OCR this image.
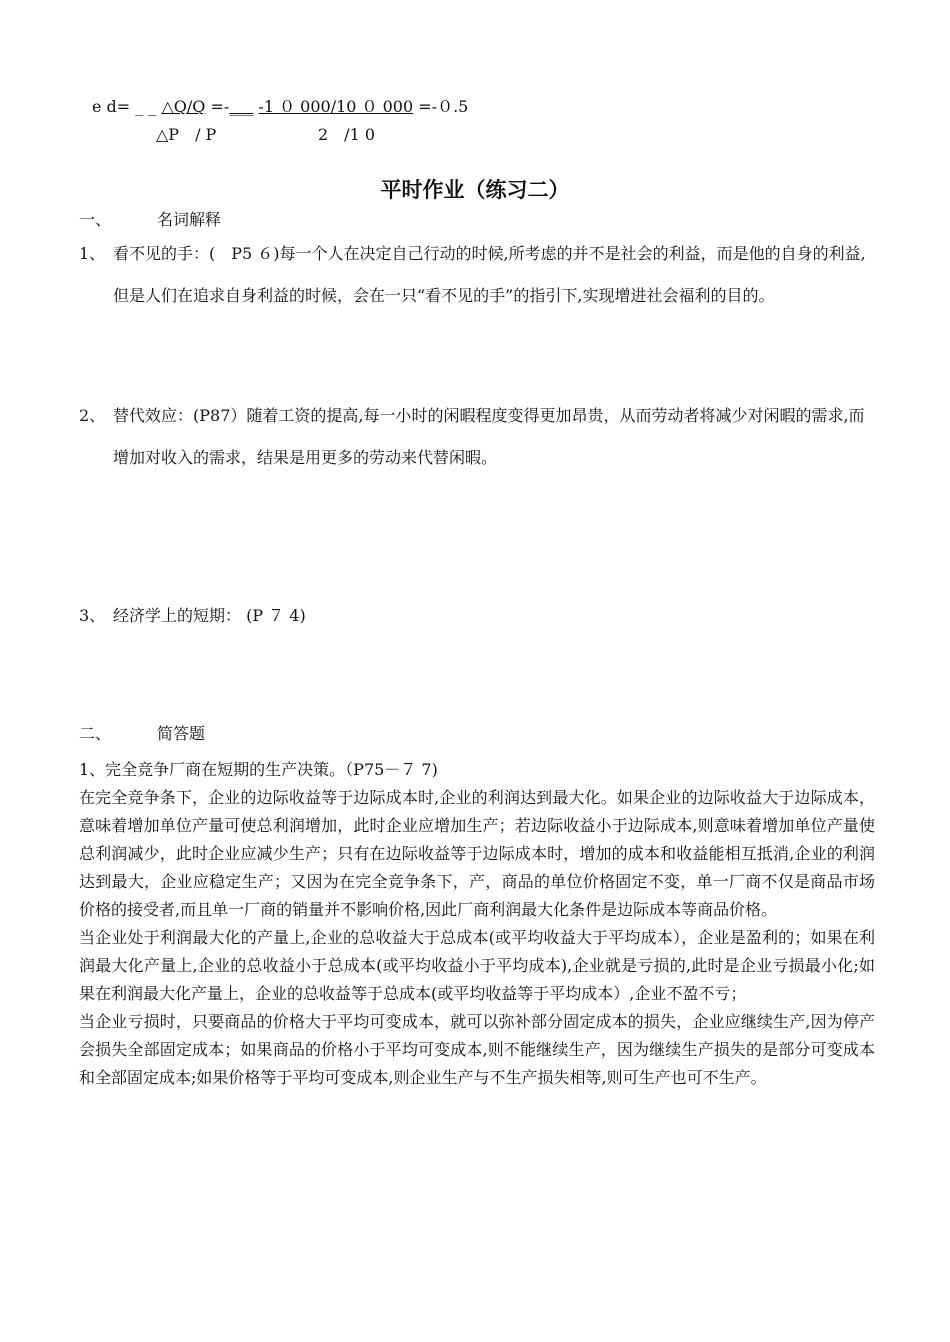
e d= _ _ △Q/Q =-___ -1 ０ 000/10 ０ 000 =-０.5
△P　/ P	2　/1 0
平时作业（练习二）
一、	名词解释
1、 看不见的手：(　P5 ６)每一个人在决定自己行动的时候,所考虑的并不是社会的利益，而是他的自身的利益,但是人们在追求自身利益的时候，会在一只“看不见的手”的指引下,实现增进社会福利的目的。
2、 替代效应：(P87）随着工资的提高,每一小时的闲暇程度变得更加昂贵，从而劳动者将减少对闲暇的需求,而增加对收入的需求，结果是用更多的劳动来代替闲暇。
3、 经济学上的短期： (P ７ 4)
二、	简答题

1、完全竞争厂商在短期的生产决策。（P75－７ 7)

在完全竞争条下，企业的边际收益等于边际成本时,企业的利润达到最大化。如果企业的边际收益大于边际成本，意味着增加单位产量可使总利润增加，此时企业应增加生产；若边际收益小于边际成本,则意味着增加单位产量使总利润减少，此时企业应减少生产；只有在边际收益等于边际成本时，增加的成本和收益能相互抵消,企业的利润达到最大，企业应稳定生产；又因为在完全竞争条下，产，商品的单位价格固定不变，单一厂商不仅是商品市场价格的接受者,而且单一厂商的销量并不影响价格,因此厂商利润最大化条件是边际成本等商品价格。

当企业处于利润最大化的产量上,企业的总收益大于总成本(或平均收益大于平均成本），企业是盈利的；如果在利润最大化产量上,企业的总收益小于总成本(或平均收益小于平均成本),企业就是亏损的,此时是企业亏损最小化;如果在利润最大化产量上，企业的总收益等于总成本(或平均收益等于平均成本）,企业不盈不亏；

当企业亏损时，只要商品的价格大于平均可变成本，就可以弥补部分固定成本的损失，企业应继续生产,因为停产会损失全部固定成本；如果商品的价格小于平均可变成本,则不能继续生产，因为继续生产损失的是部分可变成本和全部固定成本;如果价格等于平均可变成本,则企业生产与不生产损失相等,则可生产也可不生产。
